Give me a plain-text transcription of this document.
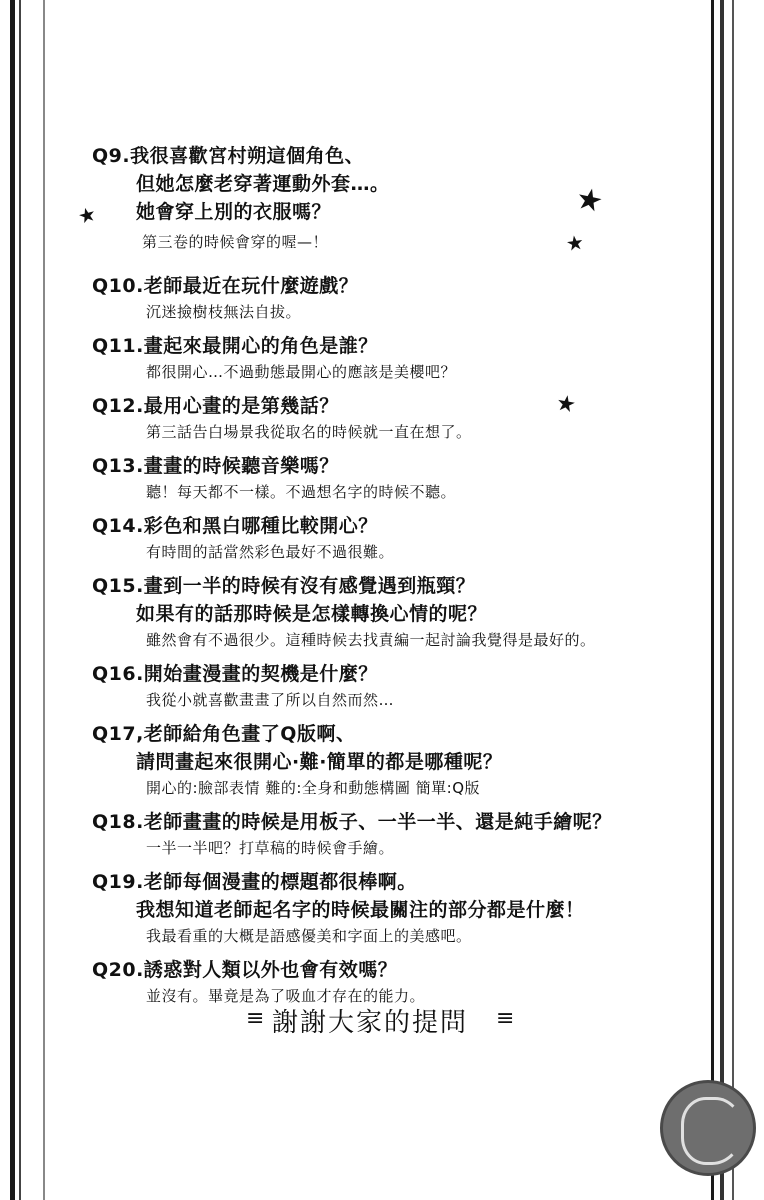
★	★
★
★
Q9.我很喜歡宮村朔這個角色、
但她怎麼老穿著運動外套…。
她會穿上別的衣服嗎？
第三卷的時候會穿的喔—！
Q10.老師最近在玩什麼遊戲？
沉迷撿樹枝無法自拔。
Q11.畫起來最開心的角色是誰？
都很開心…不過動態最開心的應該是美櫻吧？
Q12.最用心畫的是第幾話？
第三話告白場景我從取名的時候就一直在想了。
Q13.畫畫的時候聽音樂嗎？
聽！每天都不一樣。不過想名字的時候不聽。
Q14.彩色和黑白哪種比較開心？
有時間的話當然彩色最好不過很難。
Q15.畫到一半的時候有沒有感覺遇到瓶頸？
如果有的話那時候是怎樣轉換心情的呢？
雖然會有不過很少。這種時候去找責編一起討論我覺得是最好的。
Q16.開始畫漫畫的契機是什麼？
我從小就喜歡畫畫了所以自然而然…
Q17,老師給角色畫了Q版啊、
請問畫起來很開心·難·簡單的都是哪種呢？
開心的:臉部表情 難的:全身和動態構圖 簡單:Q版
Q18.老師畫畫的時候是用板子、一半一半、還是純手繪呢？
一半一半吧？打草稿的時候會手繪。
Q19.老師每個漫畫的標題都很棒啊。
我想知道老師起名字的時候最關注的部分都是什麼！
我最看重的大概是語感優美和字面上的美感吧。
Q20.誘惑對人類以外也會有效嗎？
並沒有。畢竟是為了吸血才存在的能力。
≡ 謝謝大家的提問 ≡
